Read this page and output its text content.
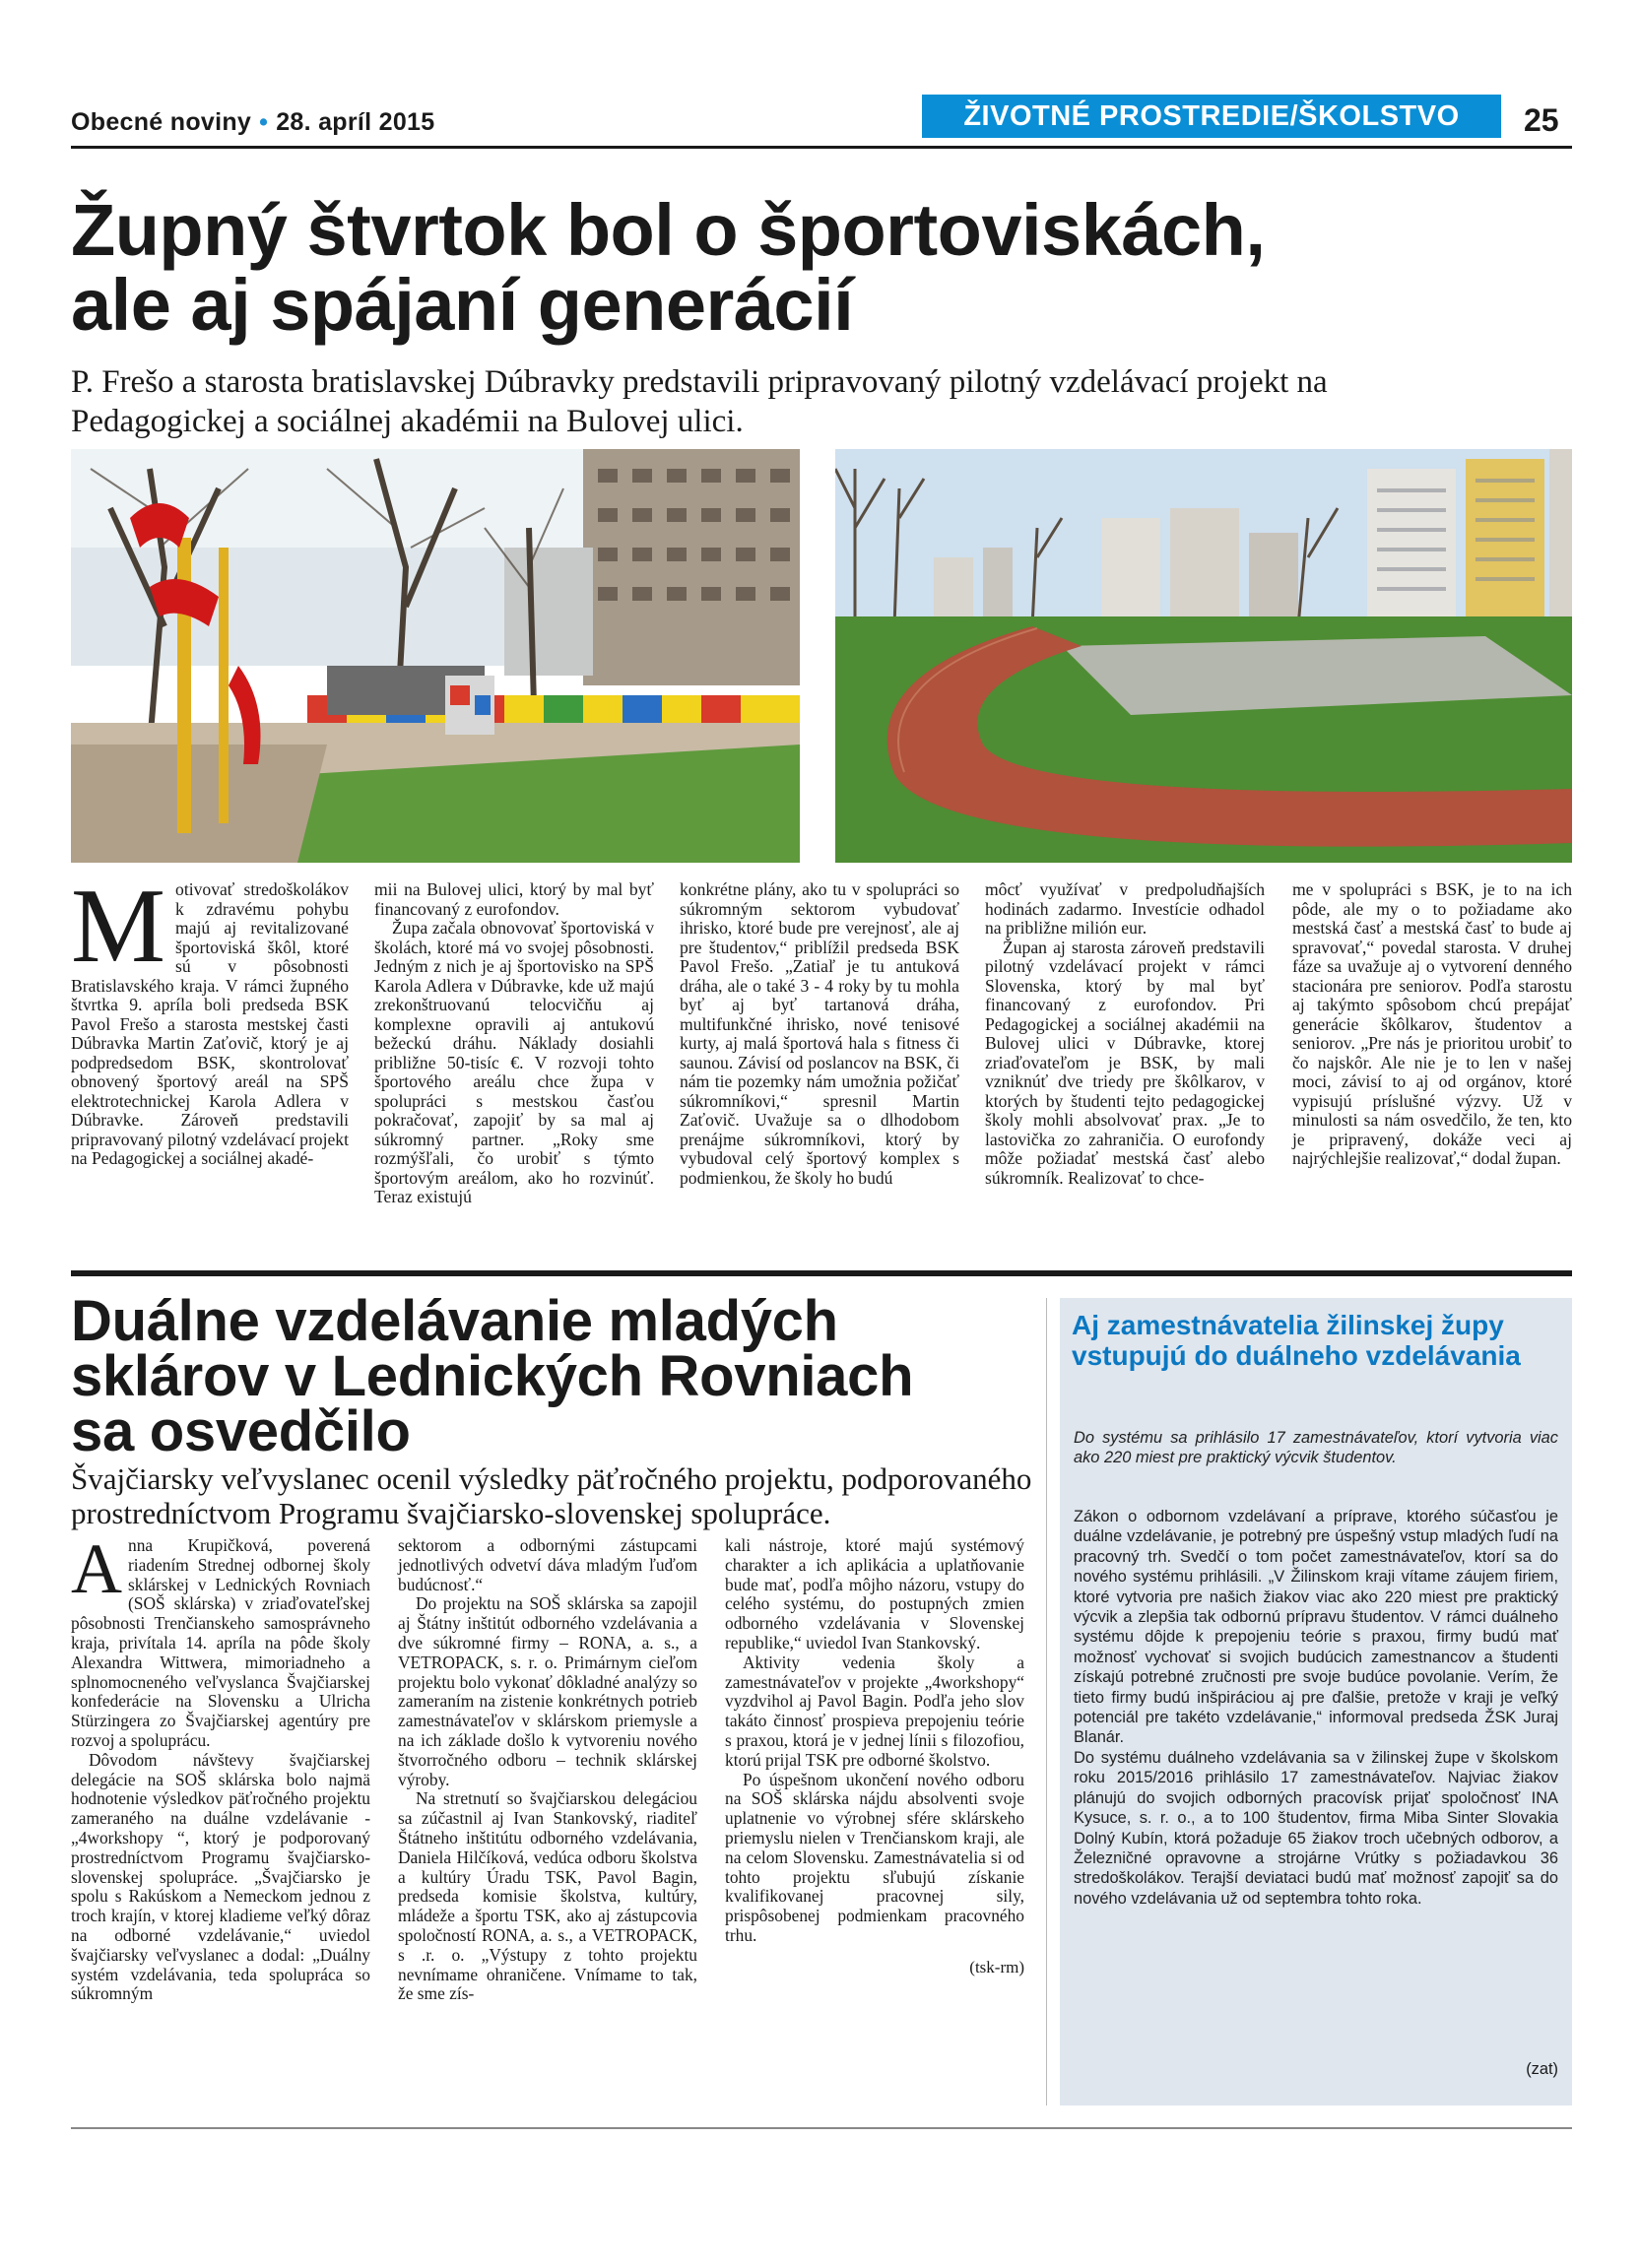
Obecné noviny • 28. apríl 2015	ŽIVOTNÉ PROSTREDIE/ŠKOLSTVO	25
Župný štvrtok bol o športoviskách,
ale aj spájaní generácií
P. Frešo a starosta bratislavskej Dúbravky predstavili pripravovaný pilotný vzdelávací projekt na Pedagogickej a sociálnej akadémii na Bulovej ulici.

Motivovať stredoškolákov k zdravému pohybu majú aj revitalizované športoviská škôl, ktoré sú v pôsobnosti Bratislavského kraja. V rámci župného štvrtka 9. apríla boli predseda BSK Pavol Frešo a starosta mestskej časti Dúbravka Martin Zaťovič, ktorý je aj podpredsedom BSK, skontrolovať obnovený športový areál na SPŠ elektrotechnickej Karola Adlera v Dúbravke. Zároveň predstavili pripravovaný pilotný vzdelávací projekt na Pedagogickej a sociálnej akadé-

mii na Bulovej ulici, ktorý by mal byť financovaný z eurofondov.

Župa začala obnovovať športoviská v školách, ktoré má vo svojej pôsobnosti. Jedným z nich je aj športovisko na SPŠ Karola Adlera v Dúbravke, kde už majú zrekonštruovanú telocvičňu aj komplexne opravili aj antukovú bežeckú dráhu. Náklady dosiahli približne 50-tisíc €. V rozvoji tohto športového areálu chce župa v spolupráci s mestskou časťou pokračovať, zapojiť by sa mal aj súkromný partner. „Roky sme rozmýšľali, čo urobiť s týmto športovým areálom, ako ho rozvinúť. Teraz existujú

konkrétne plány, ako tu v spolupráci so súkromným sektorom vybudovať ihrisko, ktoré bude pre verejnosť, ale aj pre študentov,“ priblížil predseda BSK Pavol Frešo. „Zatiaľ je tu antuková dráha, ale o také 3 - 4 roky by tu mohla byť aj byť tartanová dráha, multifunkčné ihrisko, nové tenisové kurty, aj malá športová hala s fitness či saunou. Závisí od poslancov na BSK, či nám tie pozemky nám umožnia požičať súkromníkovi,“ spresnil Martin Zaťovič. Uvažuje sa o dlhodobom prenájme súkromníkovi, ktorý by vybudoval celý športový komplex s podmienkou, že školy ho budú

môcť využívať v predpoludňajších hodinách zadarmo. Investície odhadol na približne milión eur.

Župan aj starosta zároveň predstavili pilotný vzdelávací projekt v rámci Slovenska, ktorý by mal byť financovaný z eurofondov. Pri Pedagogickej a sociálnej akadémii na Bulovej ulici v Dúbravke, ktorej zriaďovateľom je BSK, by mali vzniknúť dve triedy pre škôlkarov, v ktorých by študenti tejto pedagogickej školy mohli absolvovať prax. „Je to lastovička zo zahraničia. O eurofondy môže požiadať mestská časť alebo súkromník. Realizovať to chce-

me v spolupráci s BSK, je to na ich pôde, ale my o to požiadame ako mestská časť a mestská časť to bude aj spravovať,“ povedal starosta. V druhej fáze sa uvažuje aj o vytvorení denného stacionára pre seniorov. Podľa starostu aj takýmto spôsobom chcú prepájať generácie škôlkarov, študentov a seniorov. „Pre nás je prioritou urobiť to čo najskôr. Ale nie je to len v našej moci, závisí to aj od orgánov, ktoré vypisujú príslušné výzvy. Už v minulosti sa nám osvedčilo, že ten, kto je pripravený, dokáže veci aj najrýchlejšie realizovať,“ dodal župan.

Duálne vzdelávanie mladých
sklárov v Lednických Rovniach
sa osvedčilo
Švajčiarsky veľvyslanec ocenil výsledky päťročného projektu, podporovaného prostredníctvom Programu švajčiarsko-slovenskej spolupráce.

Anna Krupičková, poverená riadením Strednej odbornej školy sklárskej v Lednických Rovniach (SOŠ sklárska) v zriaďovateľskej pôsobnosti Trenčianskeho samosprávneho kraja, privítala 14. apríla na pôde školy Alexandra Wittwera, mimoriadneho a splnomocneného veľvyslanca Švajčiarskej konfederácie na Slovensku a Ulricha Stürzingera zo Švajčiarskej agentúry pre rozvoj a spoluprácu.

Dôvodom návštevy švajčiarskej delegácie na SOŠ sklárska bolo najmä hodnotenie výsledkov päťročného projektu zameraného na duálne vzdelávanie - „4workshopy “, ktorý je podporovaný prostredníctvom Programu švajčiarsko-slovenskej spolupráce. „Švajčiarsko je spolu s Rakúskom a Nemeckom jednou z troch krajín, v ktorej kladieme veľký dôraz na odborné vzdelávanie,“ uviedol švajčiarsky veľvyslanec a dodal: „Duálny systém vzdelávania, teda spolupráca so súkromným

sektorom a odbornými zástupcami jednotlivých odvetví dáva mladým ľuďom budúcnosť.“

Do projektu na SOŠ sklárska sa zapojil aj Štátny inštitút odborného vzdelávania a dve súkromné firmy – RONA, a. s., a VETROPACK, s. r. o. Primárnym cieľom projektu bolo vykonať dôkladné analýzy so zameraním na zistenie konkrétnych potrieb zamestnávateľov v sklárskom priemysle a na ich základe došlo k vytvoreniu nového štvorročného odboru – technik sklárskej výroby.

Na stretnutí so švajčiarskou delegáciou sa zúčastnil aj Ivan Stankovský, riaditeľ Štátneho inštitútu odborného vzdelávania, Daniela Hilčíková, vedúca odboru školstva a kultúry Úradu TSK, Pavol Bagin, predseda komisie školstva, kultúry, mládeže a športu TSK, ako aj zástupcovia spoločností RONA, a. s., a VETROPACK, s .r. o. „Výstupy z tohto projektu nevnímame ohraničene. Vnímame to tak, že sme zís-

kali nástroje, ktoré majú systémový charakter a ich aplikácia a uplatňovanie bude mať, podľa môjho názoru, vstupy do celého systému, do postupných zmien odborného vzdelávania v Slovenskej republike,“ uviedol Ivan Stankovský.

Aktivity vedenia školy a zamestnávateľov v projekte „4workshopy“ vyzdvihol aj Pavol Bagin. Podľa jeho slov takáto činnosť prospieva prepojeniu teórie s praxou, ktorá je v jednej línii s filozofiou, ktorú prijal TSK pre odborné školstvo.

Po úspešnom ukončení nového odboru na SOŠ sklárska nájdu absolventi svoje uplatnenie vo výrobnej sfére sklárskeho priemyslu nielen v Trenčianskom kraji, ale na celom Slovensku. Zamestnávatelia si od tohto projektu sľubujú získanie kvalifikovanej pracovnej sily, prispôsobenej podmienkam pracovného trhu.

(tsk-rm)
Aj zamestnávatelia žilinskej župy vstupujú do duálneho vzdelávania
Do systému sa prihlásilo 17 zamestnávateľov, ktorí vytvoria viac ako 220 miest pre praktický výcvik študentov.

Zákon o odbornom vzdelávaní a príprave, ktorého súčasťou je duálne vzdelávanie, je potrebný pre úspešný vstup mladých ľudí na pracovný trh. Svedčí o tom počet zamestnávateľov, ktorí sa do nového systému prihlásili. „V Žilinskom kraji vítame záujem firiem, ktoré vytvoria pre našich žiakov viac ako 220 miest pre praktický výcvik a zlepšia tak odbornú prípravu študentov. V rámci duálneho systému dôjde k prepojeniu teórie s praxou, firmy budú mať možnosť vychovať si svojich budúcich zamestnancov a študenti získajú potrebné zručnosti pre svoje budúce povolanie. Verím, že tieto firmy budú inšpiráciou aj pre ďalšie, pretože v kraji je veľký potenciál pre takéto vzdelávanie,“ informoval predseda ŽSK Juraj Blanár.

Do systému duálneho vzdelávania sa v žilinskej župe v školskom roku 2015/2016 prihlásilo 17 zamestnávateľov. Najviac žiakov plánujú do svojich odborných pracovísk prijať spoločnosť INA Kysuce, s. r. o., a to 100 študentov, firma Miba Sinter Slovakia Dolný Kubín, ktorá požaduje 65 žiakov troch učebných odborov, a Železničné opravovne a strojárne Vrútky s požiadavkou 36 stredoškolákov. Terajší deviataci budú mať možnosť zapojiť sa do nového vzdelávania už od septembra tohto roka.

(zat)
